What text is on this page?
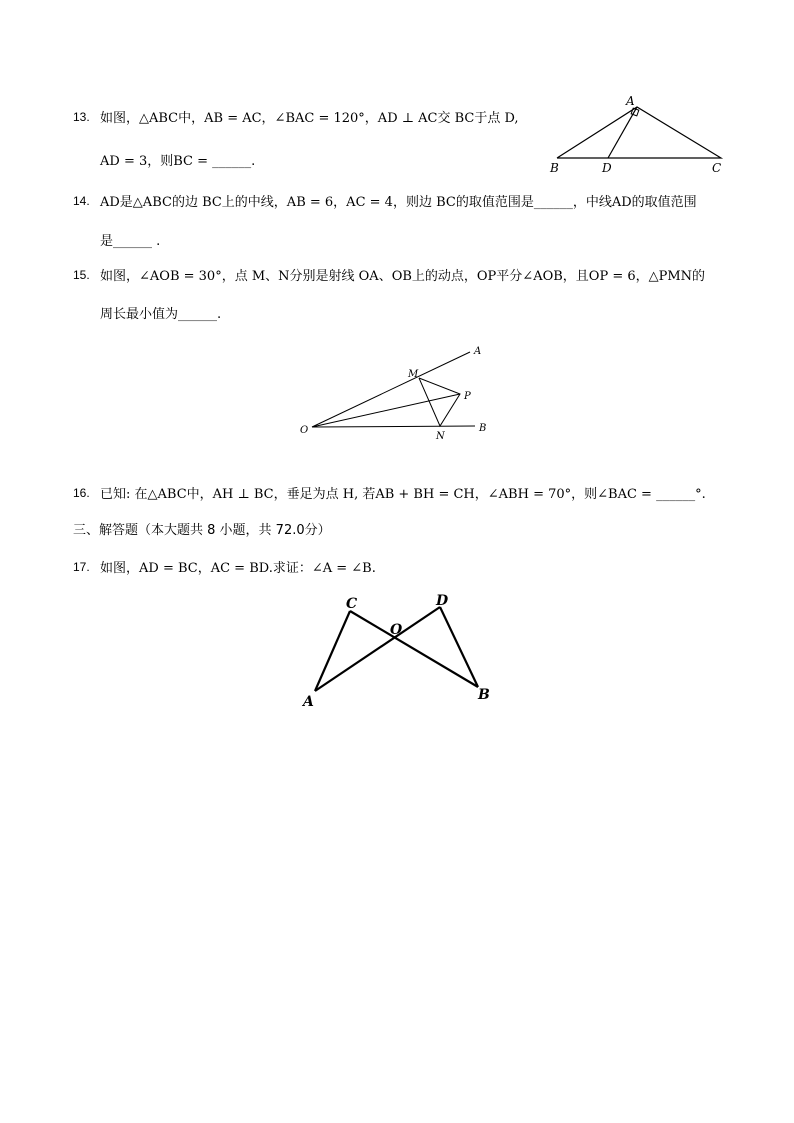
13. 如图，△ABC中，AB = AC，∠BAC = 120°，AD ⊥ AC交 BC于点 D,
AD = 3，则BC = ______.
A
B	D	C
14. AD是△ABC的边 BC上的中线，AB = 6，AC = 4，则边 BC的取值范围是______，中线AD的取值范围
是______ .
15. 如图，∠AOB = 30°，点 M、N分别是射线 OA、OB上的动点，OP平分∠AOB，且OP = 6，△PMN的
周长最小值为______.
O
A
M
P
N
B
16. 已知: 在△ABC中，AH ⊥ BC，垂足为点 H, 若AB + BH = CH，∠ABH = 70°，则∠BAC = ______°.
三、解答题（本大题共 8 小题，共 72.0分）
17. 如图，AD = BC，AC = BD.求证：∠A = ∠B.
C
O
D
A	B
